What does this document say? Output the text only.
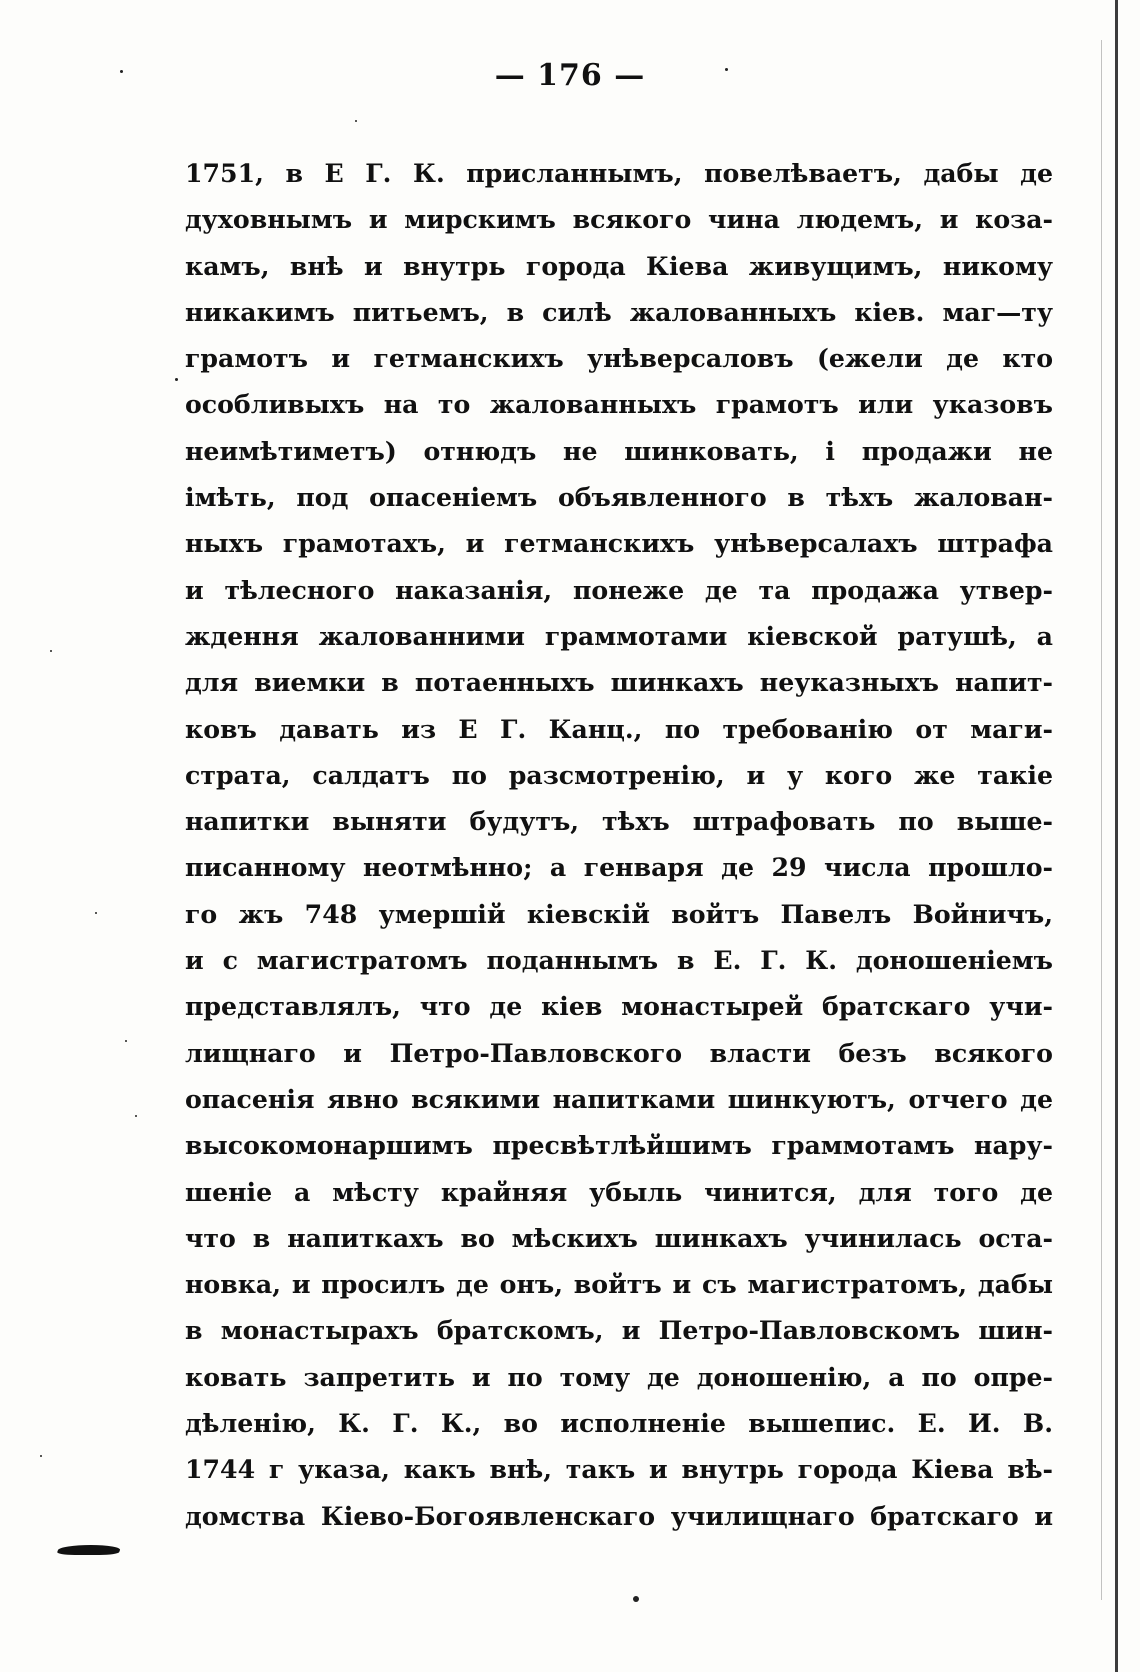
— 176 —
1751, в Е Г. К. присланнымъ, повелѣваетъ, дабы де
духовнымъ и мирскимъ всякого чина людемъ, и коза-
камъ, внѣ и внутрь города Кіева живущимъ, никому
никакимъ питьемъ, в силѣ жалованныхъ кіев. маг—ту
грамотъ и гетманскихъ унѣверсаловъ (ежели де кто
особливыхъ на то жалованныхъ грамотъ или указовъ
неимѣтиметъ) отнюдъ не шинковать, і продажи не
імѣть, под опасеніемъ объявленного в тѣхъ жалован-
ныхъ грамотахъ, и гетманскихъ унѣверсалахъ штрафа
и тѣлесного наказанія, понеже де та продажа утвер-
ждення жалованними граммотами кіевской ратушѣ, а
для виемки в потаенныхъ шинкахъ неуказныхъ напит-
ковъ давать из Е Г. Канц., по требованію от маги-
страта, салдатъ по разсмотренію, и у кого же такіе
напитки выняти будутъ, тѣхъ штрафовать по выше-
писанному неотмѣнно; а генваря де 29 числа прошло-
го жъ 748 умершій кіевскій войтъ Павелъ Войничъ,
и с магистратомъ поданнымъ в Е. Г. К. доношеніемъ
представлялъ, что де кіев монастырей братскаго учи-
лищнаго и Петро-Павловского власти безъ всякого
опасенія явно всякими напитками шинкуютъ, отчего де
высокомонаршимъ пресвѣтлѣйшимъ граммотамъ нару-
шеніе а мѣсту крайняя убыль чинится, для того де
что в напиткахъ во мѣскихъ шинкахъ учинилась оста-
новка, и просилъ де онъ, войтъ и съ магистратомъ, дабы
в монастырахъ братскомъ, и Петро-Павловскомъ шин-
ковать запретить и по тому де доношенію, а по опре-
дѣленію, К. Г. К., во исполненіе вышепис. Е. И. В.
1744 г указа, какъ внѣ, такъ и внутрь города Кіева вѣ-
домства Кіево-Богоявленскаго училищнаго братскаго и
